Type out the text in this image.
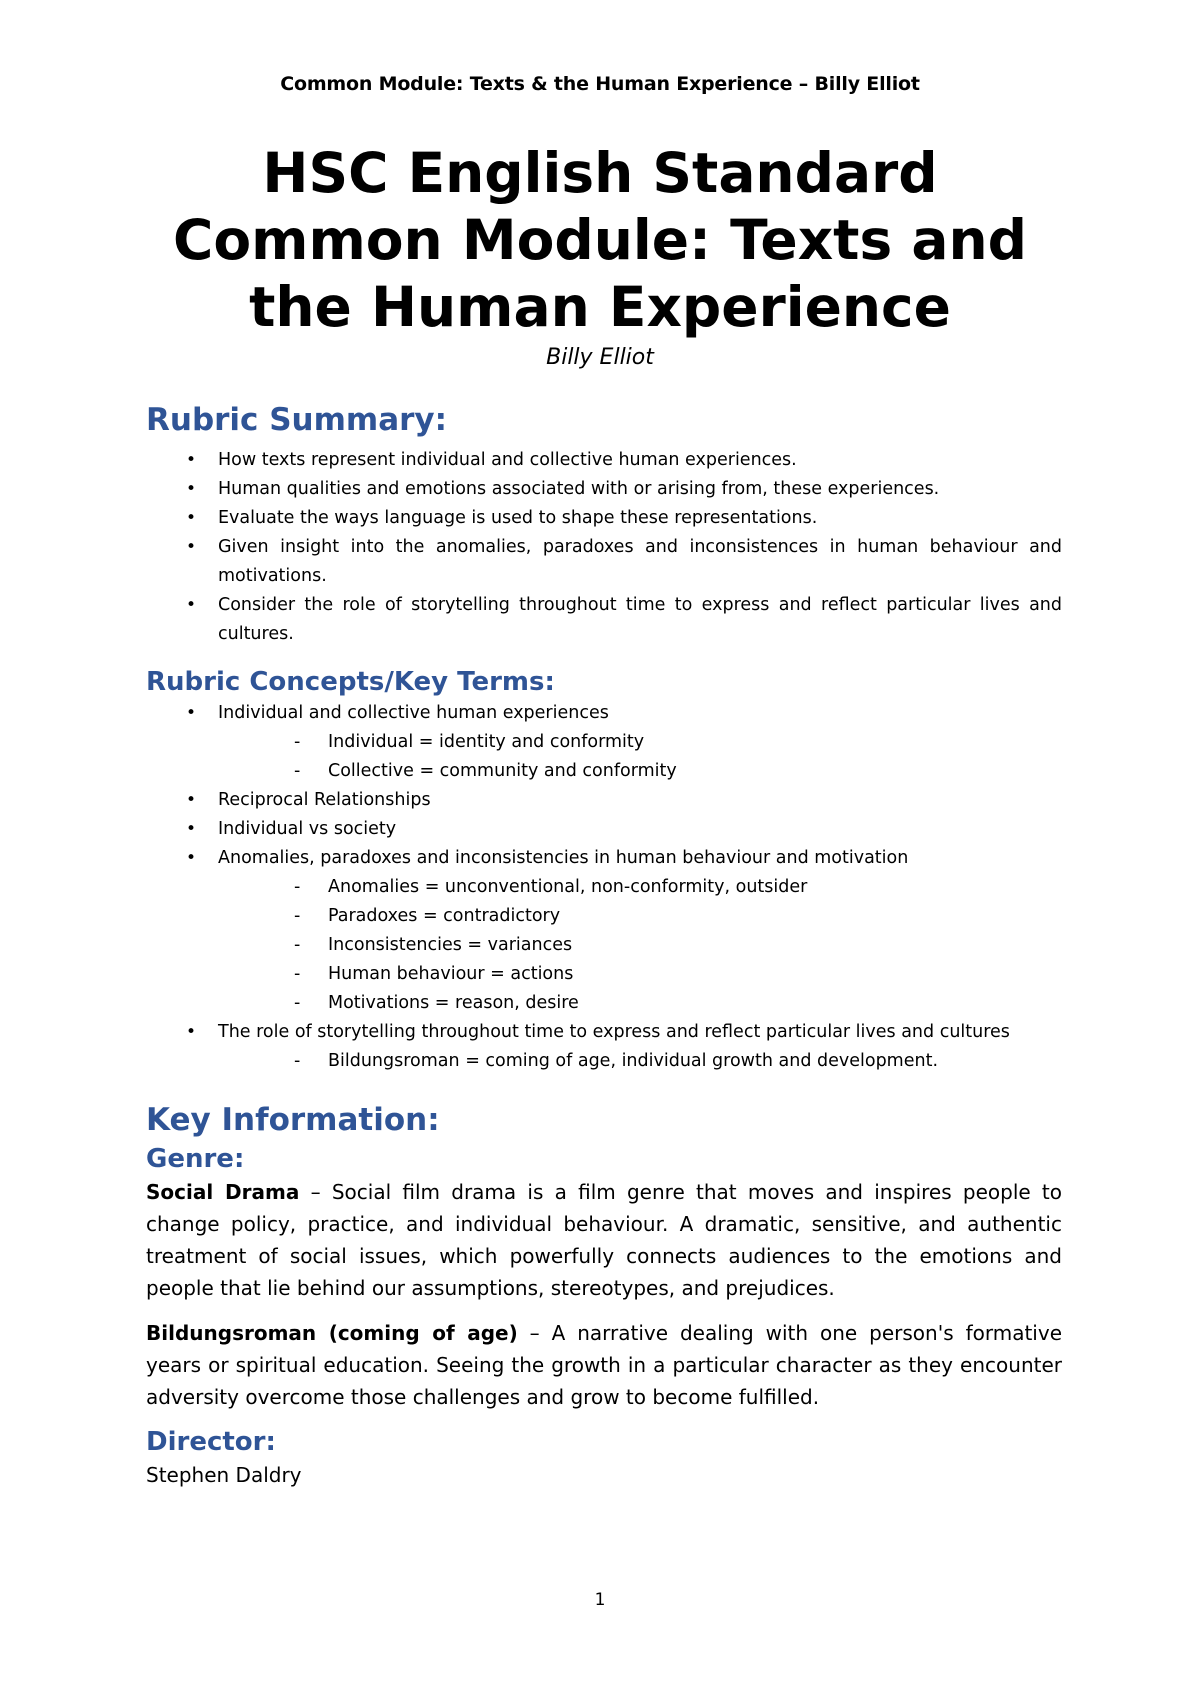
Common Module: Texts & the Human Experience – Billy Elliot
HSC English Standard
Common Module: Texts and
the Human Experience
Billy Elliot
Rubric Summary:
• How texts represent individual and collective human experiences.
• Human qualities and emotions associated with or arising from, these experiences.
• Evaluate the ways language is used to shape these representations.
• Given insight into the anomalies, paradoxes and inconsistences in human behaviour and motivations.
• Consider the role of storytelling throughout time to express and reflect particular lives and cultures.
Rubric Concepts/Key Terms:
• Individual and collective human experiences
- Individual = identity and conformity
- Collective = community and conformity
• Reciprocal Relationships
• Individual vs society
• Anomalies, paradoxes and inconsistencies in human behaviour and motivation
- Anomalies = unconventional, non-conformity, outsider
- Paradoxes = contradictory
- Inconsistencies = variances
- Human behaviour = actions
- Motivations = reason, desire
• The role of storytelling throughout time to express and reflect particular lives and cultures
- Bildungsroman = coming of age, individual growth and development.
Key Information:
Genre:

Social Drama – Social film drama is a film genre that moves and inspires people to change policy, practice, and individual behaviour. A dramatic, sensitive, and authentic treatment of social issues, which powerfully connects audiences to the emotions and people that lie behind our assumptions, stereotypes, and prejudices.

Bildungsroman (coming of age) – A narrative dealing with one person's formative years or spiritual education. Seeing the growth in a particular character as they encounter adversity overcome those challenges and grow to become fulfilled.

Director:

Stephen Daldry

1
